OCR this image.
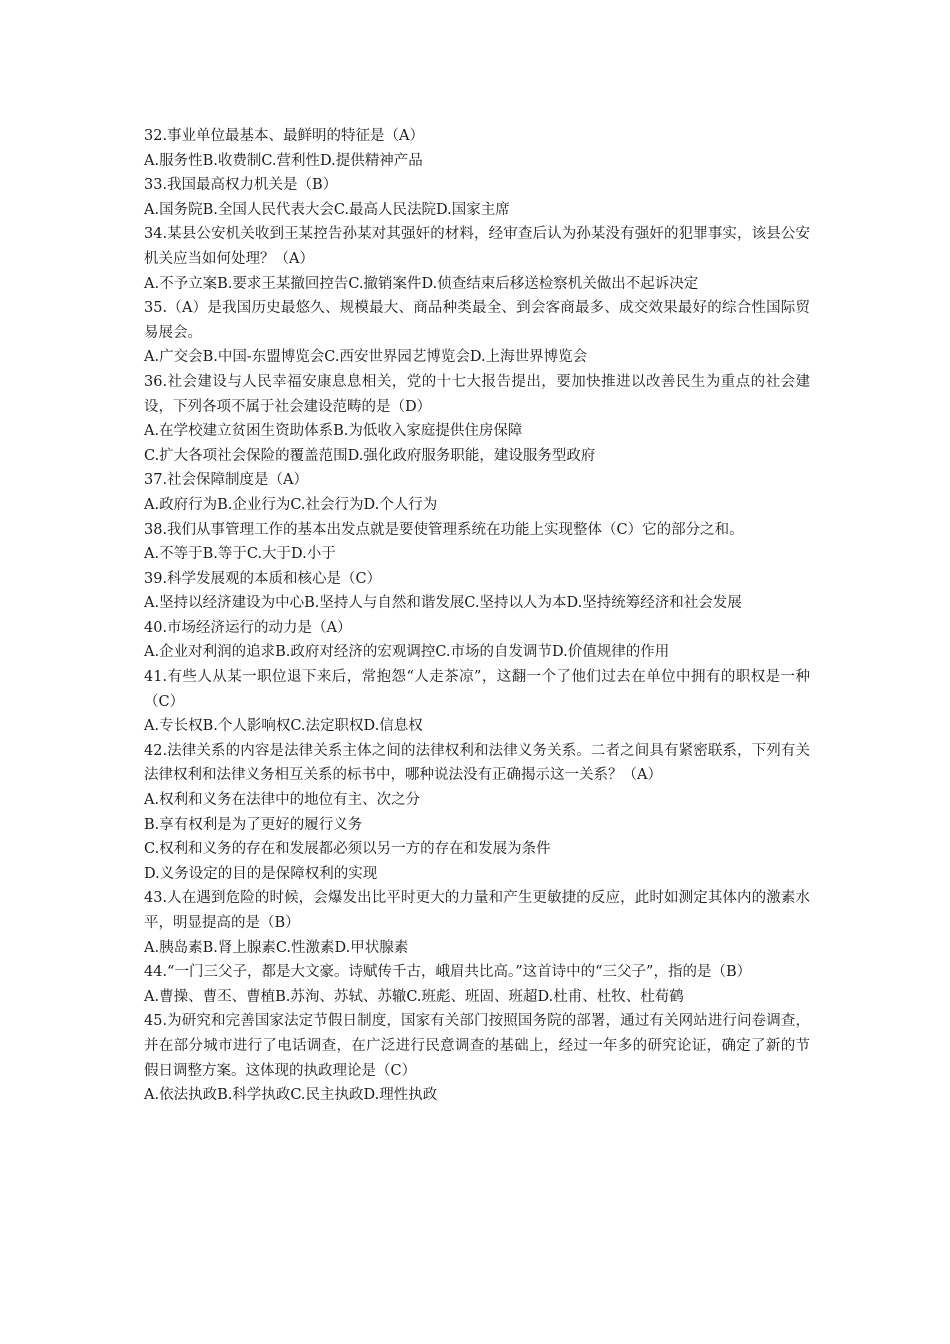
32.事业单位最基本、最鲜明的特征是（A）

A.服务性B.收费制C.营利性D.提供精神产品

33.我国最高权力机关是（B）

A.国务院B.全国人民代表大会C.最高人民法院D.国家主席

34.某县公安机关收到王某控告孙某对其强奸的材料，经审查后认为孙某没有强奸的犯罪事实，该县公安机关应当如何处理？（A）

A.不予立案B.要求王某撤回控告C.撤销案件D.侦查结束后移送检察机关做出不起诉决定

35.（A）是我国历史最悠久、规模最大、商品种类最全、到会客商最多、成交效果最好的综合性国际贸易展会。

A.广交会B.中国-东盟博览会C.西安世界园艺博览会D.上海世界博览会

36.社会建设与人民幸福安康息息相关，党的十七大报告提出，要加快推进以改善民生为重点的社会建设，下列各项不属于社会建设范畴的是（D）

A.在学校建立贫困生资助体系B.为低收入家庭提供住房保障

C.扩大各项社会保险的覆盖范围D.强化政府服务职能，建设服务型政府

37.社会保障制度是（A）

A.政府行为B.企业行为C.社会行为D.个人行为

38.我们从事管理工作的基本出发点就是要使管理系统在功能上实现整体（C）它的部分之和。

A.不等于B.等于C.大于D.小于

39.科学发展观的本质和核心是（C）

A.坚持以经济建设为中心B.坚持人与自然和谐发展C.坚持以人为本D.坚持统筹经济和社会发展

40.市场经济运行的动力是（A）

A.企业对利润的追求B.政府对经济的宏观调控C.市场的自发调节D.价值规律的作用

41.有些人从某一职位退下来后，常抱怨“人走茶凉”，这翻一个了他们过去在单位中拥有的职权是一种（C）

A.专长权B.个人影响权C.法定职权D.信息权

42.法律关系的内容是法律关系主体之间的法律权利和法律义务关系。二者之间具有紧密联系，下列有关法律权利和法律义务相互关系的标书中，哪种说法没有正确揭示这一关系？（A）

A.权利和义务在法律中的地位有主、次之分

B.享有权利是为了更好的履行义务

C.权利和义务的存在和发展都必须以另一方的存在和发展为条件

D.义务设定的目的是保障权利的实现

43.人在遇到危险的时候，会爆发出比平时更大的力量和产生更敏捷的反应，此时如测定其体内的激素水平，明显提高的是（B）

A.胰岛素B.肾上腺素C.性激素D.甲状腺素

44.“一门三父子，都是大文豪。诗赋传千古，峨眉共比高。”这首诗中的“三父子”，指的是（B）

A.曹操、曹丕、曹植B.苏洵、苏轼、苏辙C.班彪、班固、班超D.杜甫、杜牧、杜荀鹤

45.为研究和完善国家法定节假日制度，国家有关部门按照国务院的部署，通过有关网站进行问卷调查，并在部分城市进行了电话调查，在广泛进行民意调查的基础上，经过一年多的研究论证，确定了新的节假日调整方案。这体现的执政理论是（C）

A.依法执政B.科学执政C.民主执政D.理性执政
